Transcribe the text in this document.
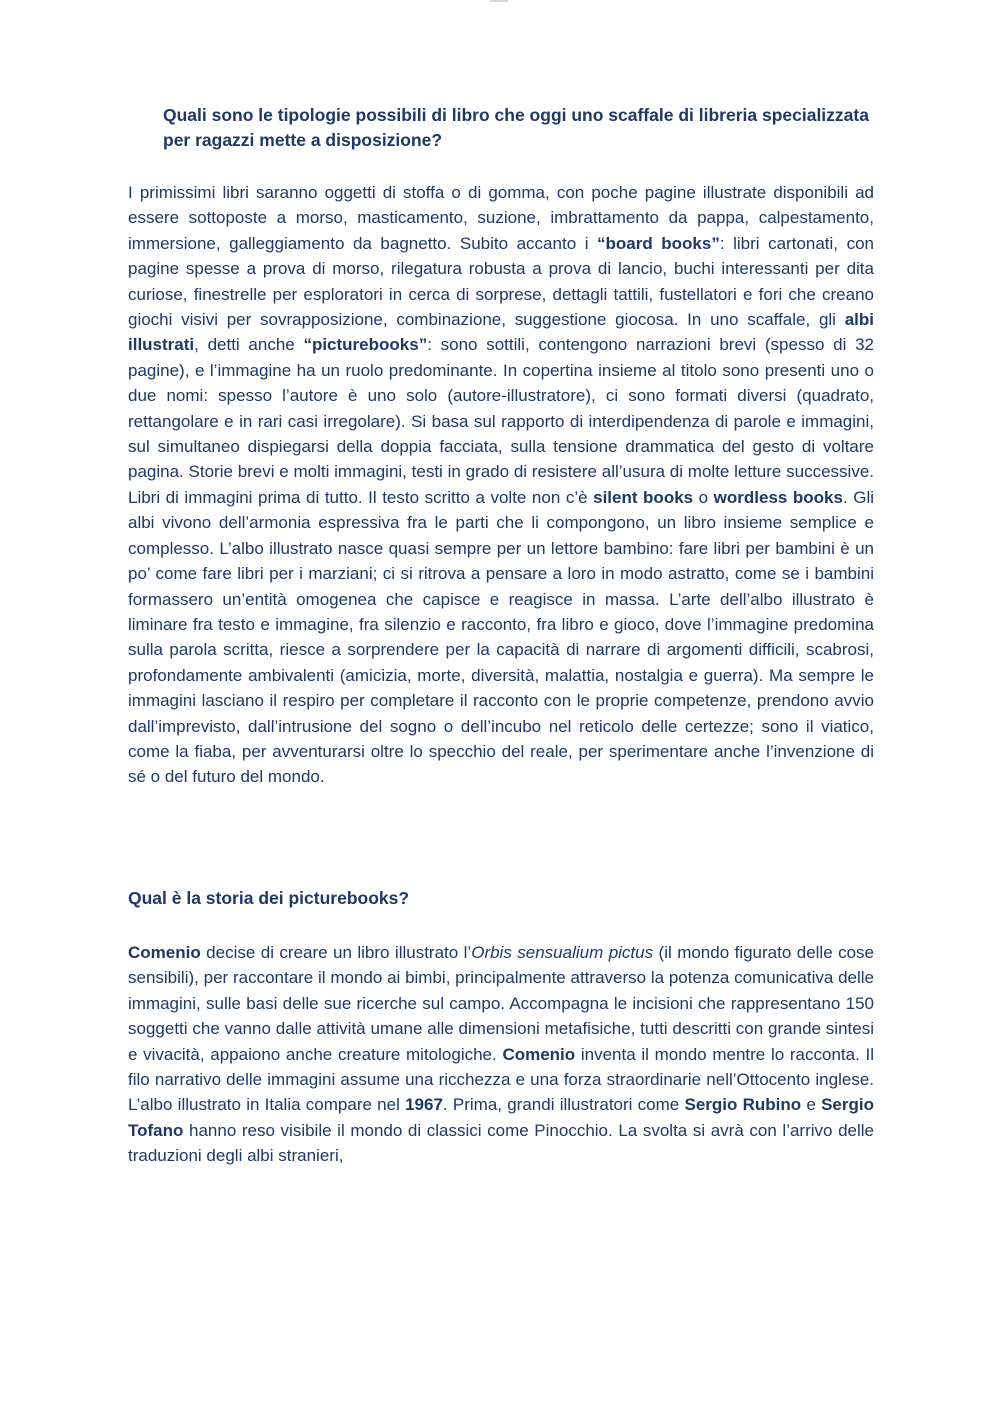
Quali sono le tipologie possibili di libro che oggi uno scaffale di libreria specializzata per ragazzi mette a disposizione?

I primissimi libri saranno oggetti di stoffa o di gomma, con poche pagine illustrate disponibili ad essere sottoposte a morso, masticamento, suzione, imbrattamento da pappa, calpestamento, immersione, galleggiamento da bagnetto. Subito accanto i “board books”: libri cartonati, con pagine spesse a prova di morso, rilegatura robusta a prova di lancio, buchi interessanti per dita curiose, finestrelle per esploratori in cerca di sorprese, dettagli tattili, fustellatori e fori che creano giochi visivi per sovrapposizione, combinazione, suggestione giocosa. In uno scaffale, gli albi illustrati, detti anche “picturebooks”: sono sottili, contengono narrazioni brevi (spesso di 32 pagine), e l’immagine ha un ruolo predominante. In copertina insieme al titolo sono presenti uno o due nomi: spesso l’autore è uno solo (autore-illustratore), ci sono formati diversi (quadrato, rettangolare e in rari casi irregolare). Si basa sul rapporto di interdipendenza di parole e immagini, sul simultaneo dispiegarsi della doppia facciata, sulla tensione drammatica del gesto di voltare pagina. Storie brevi e molti immagini, testi in grado di resistere all’usura di molte letture successive. Libri di immagini prima di tutto. Il testo scritto a volte non c’è silent books o wordless books. Gli albi vivono dell’armonia espressiva fra le parti che li compongono, un libro insieme semplice e complesso. L’albo illustrato nasce quasi sempre per un lettore bambino: fare libri per bambini è un po’ come fare libri per i marziani; ci si ritrova a pensare a loro in modo astratto, come se i bambini formassero un’entità omogenea che capisce e reagisce in massa. L’arte dell’albo illustrato è liminare fra testo e immagine, fra silenzio e racconto, fra libro e gioco, dove l’immagine predomina sulla parola scritta, riesce a sorprendere per la capacità di narrare di argomenti difficili, scabrosi, profondamente ambivalenti (amicizia, morte, diversità, malattia, nostalgia e guerra). Ma sempre le immagini lasciano il respiro per completare il racconto con le proprie competenze, prendono avvio dall’imprevisto, dall’intrusione del sogno o dell’incubo nel reticolo delle certezze; sono il viatico, come la fiaba, per avventurarsi oltre lo specchio del reale, per sperimentare anche l’invenzione di sé o del futuro del mondo.

Qual è la storia dei picturebooks?

Comenio decise di creare un libro illustrato l’Orbis sensualium pictus (il mondo figurato delle cose sensibili), per raccontare il mondo ai bimbi, principalmente attraverso la potenza comunicativa delle immagini, sulle basi delle sue ricerche sul campo. Accompagna le incisioni che rappresentano 150 soggetti che vanno dalle attività umane alle dimensioni metafisiche, tutti descritti con grande sintesi e vivacità, appaiono anche creature mitologiche. Comenio inventa il mondo mentre lo racconta. Il filo narrativo delle immagini assume una ricchezza e una forza straordinarie nell’Ottocento inglese. L’albo illustrato in Italia compare nel 1967. Prima, grandi illustratori come Sergio Rubino e Sergio Tofano hanno reso visibile il mondo di classici come Pinocchio. La svolta si avrà con l’arrivo delle traduzioni degli albi stranieri,
